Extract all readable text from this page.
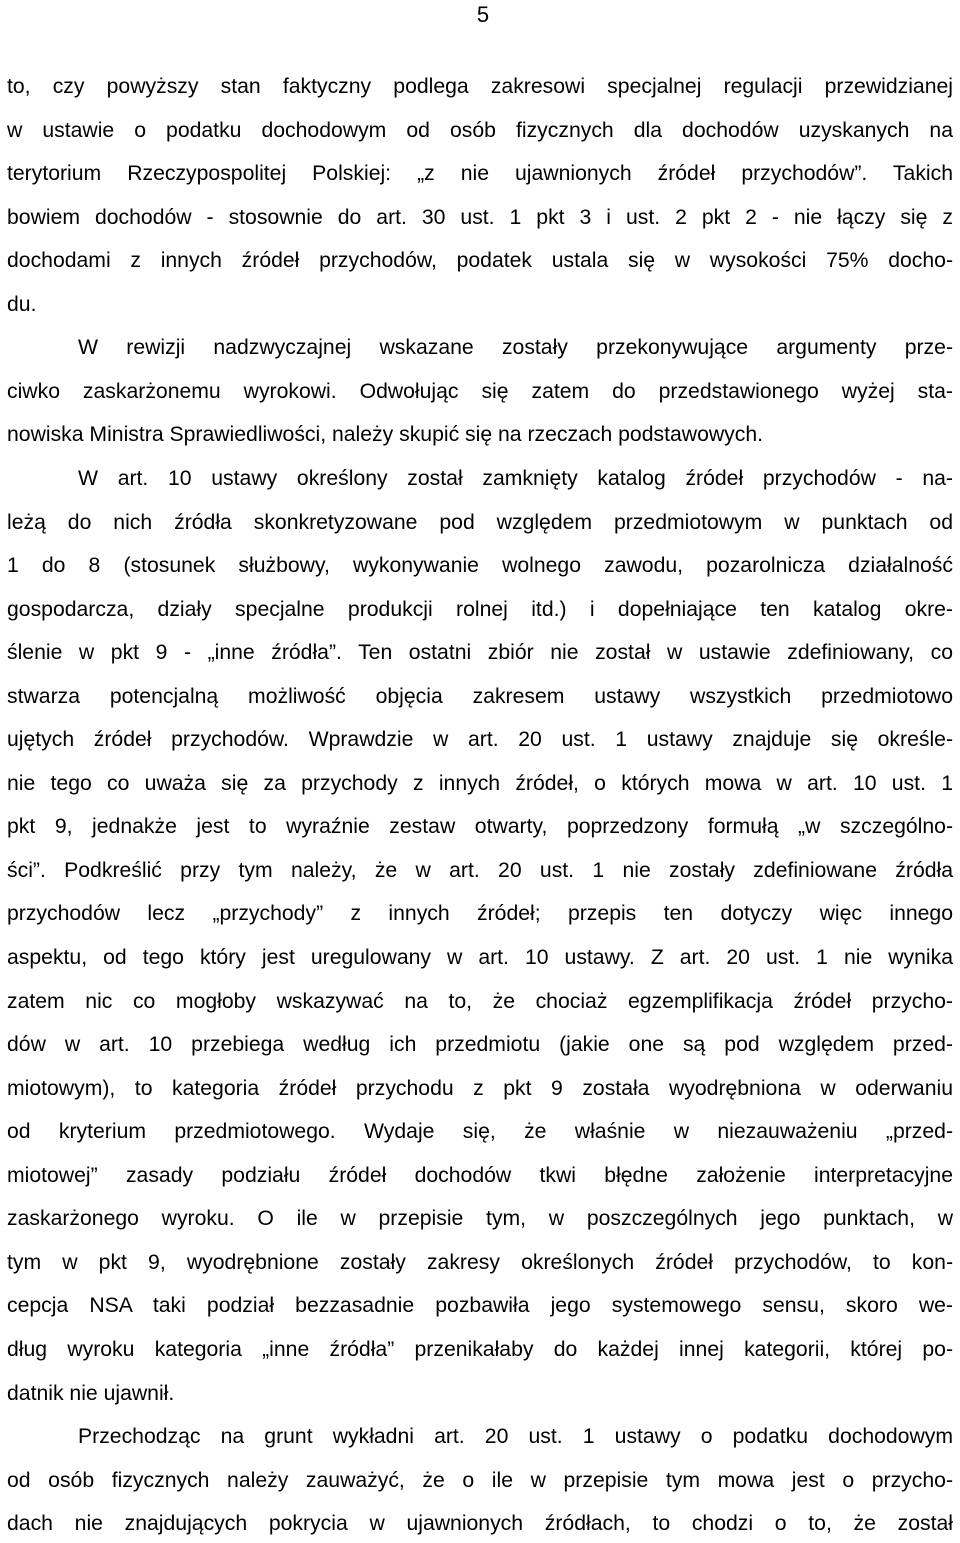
5
to, czy powyższy stan faktyczny podlega zakresowi specjalnej regulacji przewidzianej
w ustawie o podatku dochodowym od osób fizycznych dla dochodów uzyskanych na
terytorium Rzeczypospolitej Polskiej: „z nie ujawnionych źródeł przychodów”. Takich
bowiem dochodów - stosownie do art. 30 ust. 1 pkt 3 i ust. 2 pkt 2 - nie łączy się z
dochodami z innych źródeł przychodów, podatek ustala się w wysokości 75% docho-
du.
W rewizji nadzwyczajnej wskazane zostały przekonywujące argumenty prze-
ciwko zaskarżonemu wyrokowi. Odwołując się zatem do przedstawionego wyżej sta-
nowiska Ministra Sprawiedliwości, należy skupić się na rzeczach podstawowych.
W art. 10 ustawy określony został zamknięty katalog źródeł przychodów - na-
leżą do nich źródła skonkretyzowane pod względem przedmiotowym w punktach od
1 do 8 (stosunek służbowy, wykonywanie wolnego zawodu, pozarolnicza działalność
gospodarcza, działy specjalne produkcji rolnej itd.) i dopełniające ten katalog okre-
ślenie w pkt 9 - „inne źródła”. Ten ostatni zbiór nie został w ustawie zdefiniowany, co
stwarza potencjalną możliwość objęcia zakresem ustawy wszystkich przedmiotowo
ujętych źródeł przychodów. Wprawdzie w art. 20 ust. 1 ustawy znajduje się określe-
nie tego co uważa się za przychody z innych źródeł, o których mowa w art. 10 ust. 1
pkt 9, jednakże jest to wyraźnie zestaw otwarty, poprzedzony formułą „w szczególno-
ści”. Podkreślić przy tym należy, że w art. 20 ust. 1 nie zostały zdefiniowane źródła
przychodów lecz „przychody” z innych źródeł; przepis ten dotyczy więc innego
aspektu, od tego który jest uregulowany w art. 10 ustawy. Z art. 20 ust. 1 nie wynika
zatem nic co mogłoby wskazywać na to, że chociaż egzemplifikacja źródeł przycho-
dów w art. 10 przebiega według ich przedmiotu (jakie one są pod względem przed-
miotowym), to kategoria źródeł przychodu z pkt 9 została wyodrębniona w oderwaniu
od kryterium przedmiotowego. Wydaje się, że właśnie w niezauważeniu „przed-
miotowej” zasady podziału źródeł dochodów tkwi błędne założenie interpretacyjne
zaskarżonego wyroku. O ile w przepisie tym, w poszczególnych jego punktach, w
tym w pkt 9, wyodrębnione zostały zakresy określonych źródeł przychodów, to kon-
cepcja NSA taki podział bezzasadnie pozbawiła jego systemowego sensu, skoro we-
dług wyroku kategoria „inne źródła” przenikałaby do każdej innej kategorii, której po-
datnik nie ujawnił.
Przechodząc na grunt wykładni art. 20 ust. 1 ustawy o podatku dochodowym
od osób fizycznych należy zauważyć, że o ile w przepisie tym mowa jest o przycho-
dach nie znajdujących pokrycia w ujawnionych źródłach, to chodzi o to, że został
